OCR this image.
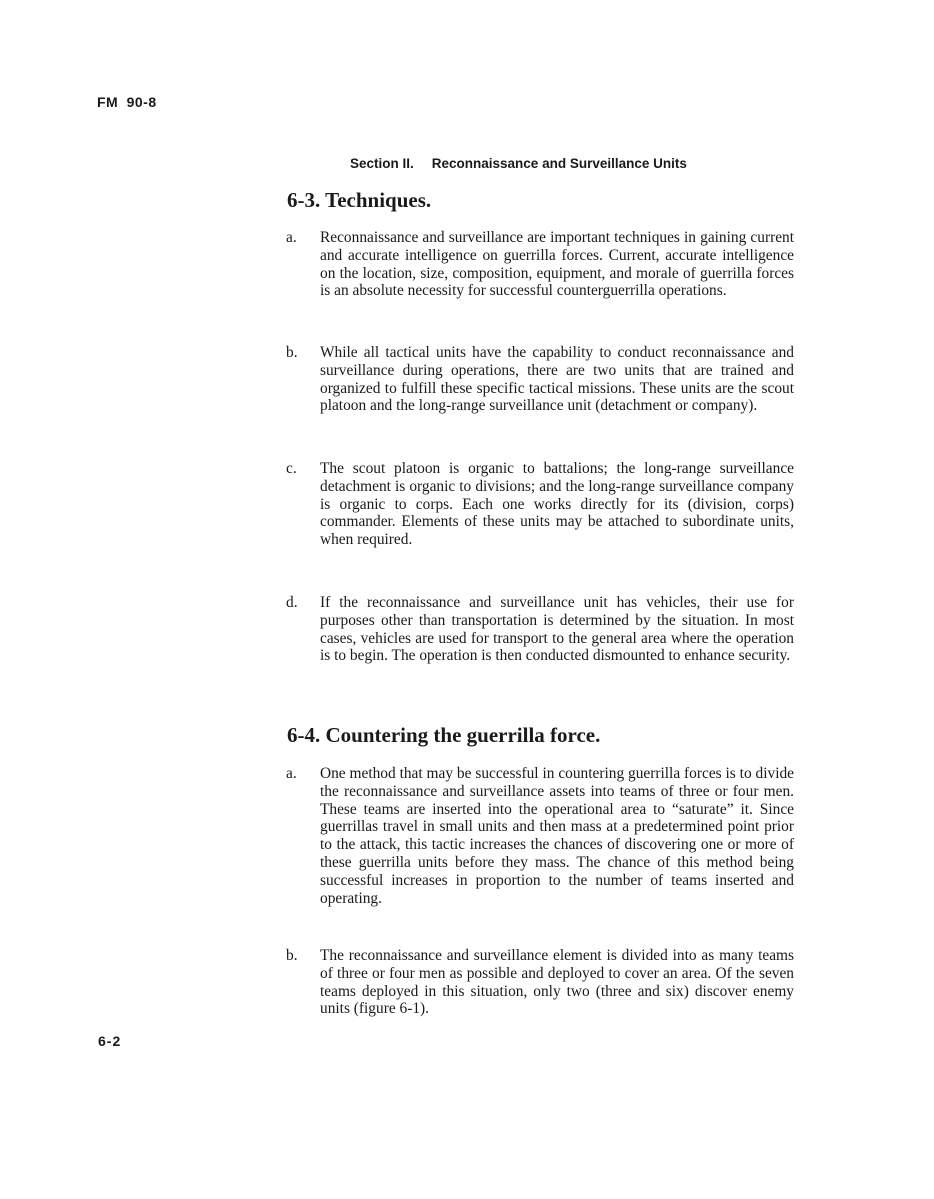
FM 90-8
Section II. Reconnaissance and Surveillance Units
6-3. Techniques.

a. Reconnaissance and surveillance are important techniques in gaining current and accurate intelligence on guerrilla forces. Current, accurate intelligence on the location, size, composition, equipment, and morale of guerrilla forces is an absolute necessity for successful counterguerrilla operations.

b. While all tactical units have the capability to conduct reconnaissance and surveillance during operations, there are two units that are trained and organized to fulfill these specific tactical missions. These units are the scout platoon and the long-range surveillance unit (detachment or company).

c. The scout platoon is organic to battalions; the long-range surveillance detachment is organic to divisions; and the long-range surveillance company is organic to corps. Each one works directly for its (division, corps) commander. Elements of these units may be attached to subordinate units, when required.

d. If the reconnaissance and surveillance unit has vehicles, their use for purposes other than transportation is determined by the situation. In most cases, vehicles are used for transport to the general area where the operation is to begin. The operation is then conducted dismounted to enhance security.

6-4. Countering the guerrilla force.

a. One method that may be successful in countering guerrilla forces is to divide the reconnaissance and surveillance assets into teams of three or four men. These teams are inserted into the operational area to “saturate” it. Since guerrillas travel in small units and then mass at a predetermined point prior to the attack, this tactic increases the chances of discovering one or more of these guerrilla units before they mass. The chance of this method being successful increases in proportion to the number of teams inserted and operating.

b. The reconnaissance and surveillance element is divided into as many teams of three or four men as possible and deployed to cover an area. Of the seven teams deployed in this situation, only two (three and six) discover enemy units (figure 6-1).

6-2
